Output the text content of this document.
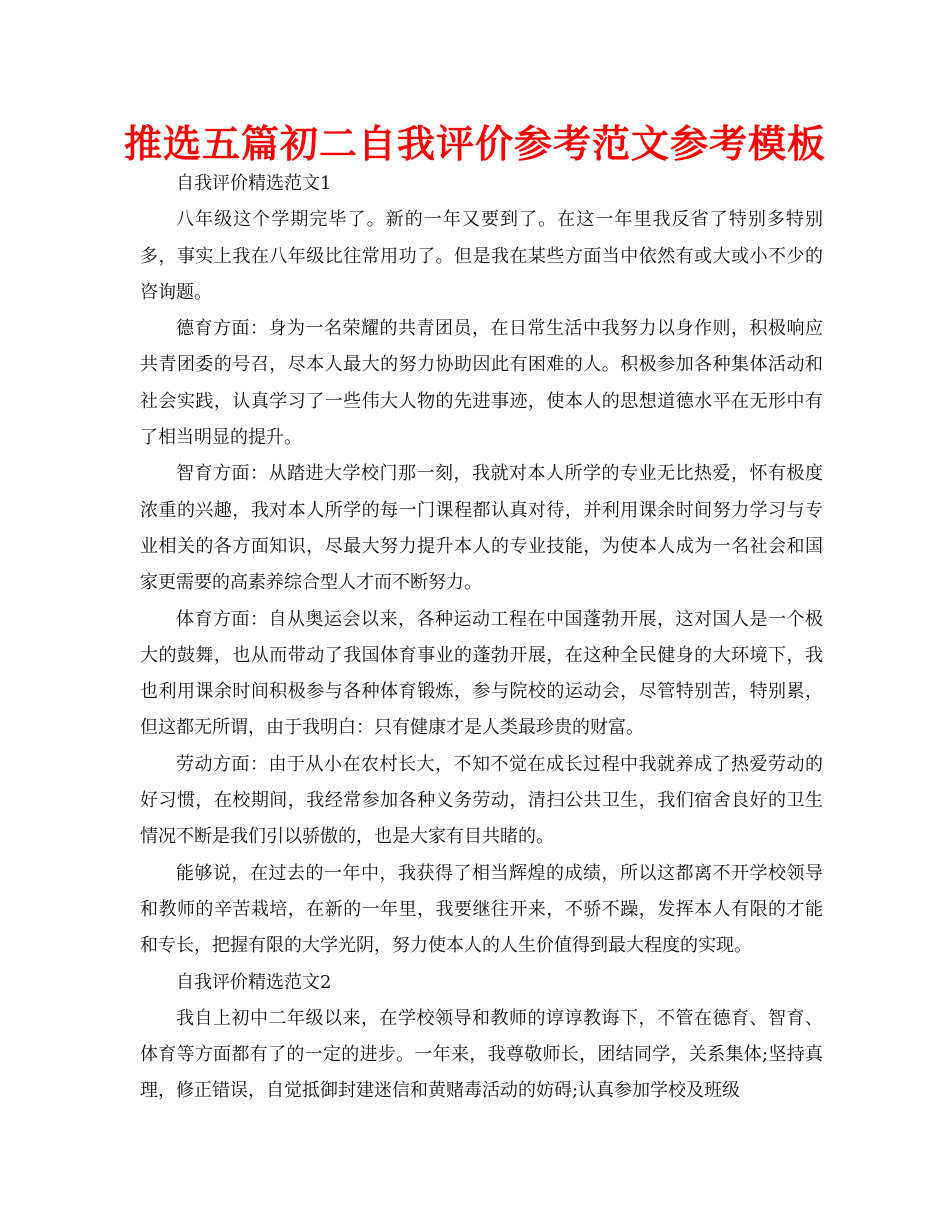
推选五篇初二自我评价参考范文参考模板

自我评价精选范文1

八年级这个学期完毕了。新的一年又要到了。在这一年里我反省了特别多特别多，事实上我在八年级比往常用功了。但是我在某些方面当中依然有或大或小不少的咨询题。

德育方面：身为一名荣耀的共青团员，在日常生活中我努力以身作则，积极响应共青团委的号召，尽本人最大的努力协助因此有困难的人。积极参加各种集体活动和社会实践，认真学习了一些伟大人物的先进事迹，使本人的思想道德水平在无形中有了相当明显的提升。

智育方面：从踏进大学校门那一刻，我就对本人所学的专业无比热爱，怀有极度浓重的兴趣，我对本人所学的每一门课程都认真对待，并利用课余时间努力学习与专业相关的各方面知识，尽最大努力提升本人的专业技能，为使本人成为一名社会和国家更需要的高素养综合型人才而不断努力。

体育方面：自从奥运会以来，各种运动工程在中国蓬勃开展，这对国人是一个极大的鼓舞，也从而带动了我国体育事业的蓬勃开展，在这种全民健身的大环境下，我也利用课余时间积极参与各种体育锻炼，参与院校的运动会，尽管特别苦，特别累，但这都无所谓，由于我明白：只有健康才是人类最珍贵的财富。

劳动方面：由于从小在农村长大，不知不觉在成长过程中我就养成了热爱劳动的好习惯，在校期间，我经常参加各种义务劳动，清扫公共卫生，我们宿舍良好的卫生情况不断是我们引以骄傲的，也是大家有目共睹的。

能够说，在过去的一年中，我获得了相当辉煌的成绩，所以这都离不开学校领导和教师的辛苦栽培，在新的一年里，我要继往开来，不骄不躁，发挥本人有限的才能和专长，把握有限的大学光阴，努力使本人的人生价值得到最大程度的实现。

自我评价精选范文2

我自上初中二年级以来，在学校领导和教师的谆谆教诲下，不管在德育、智育、体育等方面都有了的一定的进步。一年来，我尊敬师长，团结同学，关系集体;坚持真理，修正错误，自觉抵御封建迷信和黄赌毒活动的妨碍;认真参加学校及班级
